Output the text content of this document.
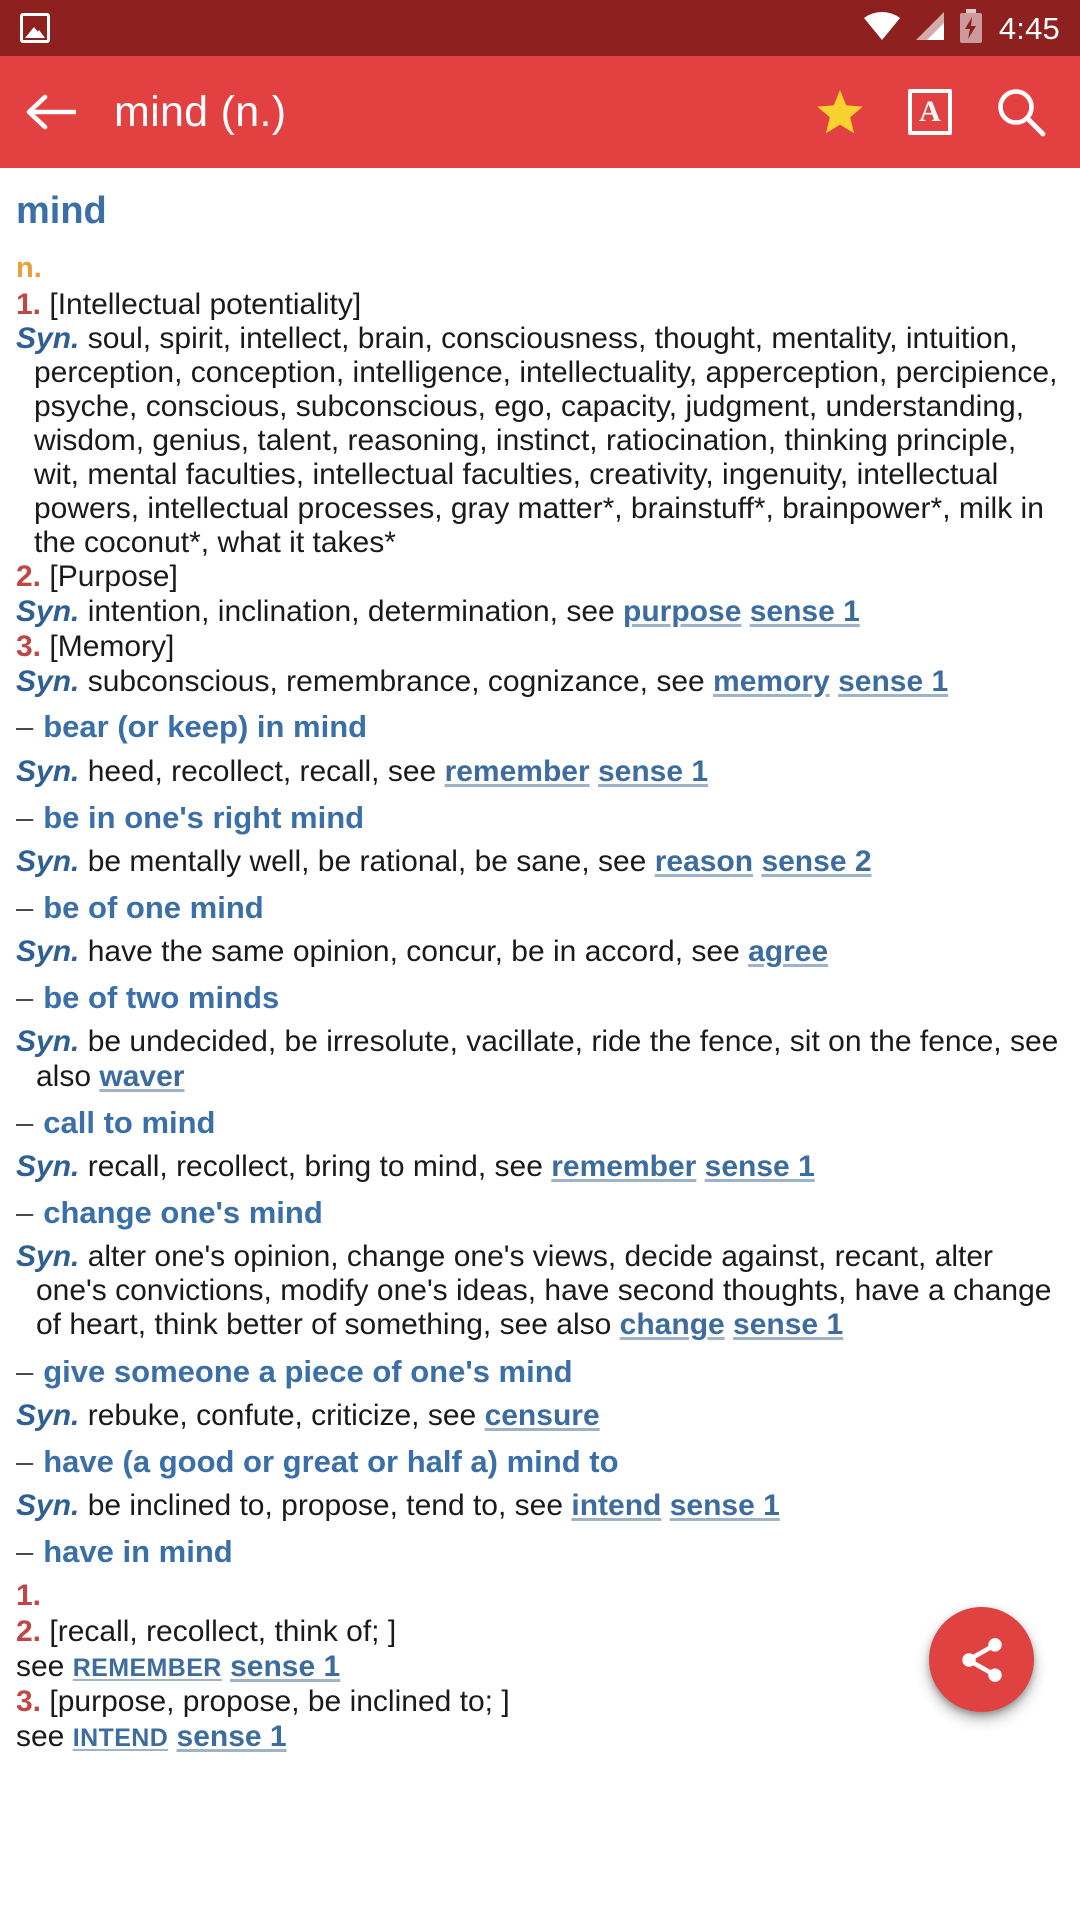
4:45
mind (n.)	A
mind
n.
1. [Intellectual potentiality]
Syn. soul, spirit, intellect, brain, consciousness, thought, mentality, intuition, perception, conception, intelligence, intellectuality, apperception, percipience, psyche, conscious, subconscious, ego, capacity, judgment, understanding, wisdom, genius, talent, reasoning, instinct, ratiocination, thinking principle, wit, mental faculties, intellectual faculties, creativity, ingenuity, intellectual powers, intellectual processes, gray matter*, brainstuff*, brainpower*, milk in the coconut*, what it takes*
2. [Purpose]
Syn. intention, inclination, determination, see purpose sense 1
3. [Memory]
Syn. subconscious, remembrance, cognizance, see memory sense 1
– bear (or keep) in mind
Syn. heed, recollect, recall, see remember sense 1
– be in one's right mind
Syn. be mentally well, be rational, be sane, see reason sense 2
– be of one mind
Syn. have the same opinion, concur, be in accord, see agree
– be of two minds
Syn. be undecided, be irresolute, vacillate, ride the fence, sit on the fence, see also waver
– call to mind
Syn. recall, recollect, bring to mind, see remember sense 1
– change one's mind
Syn. alter one's opinion, change one's views, decide against, recant, alter one's convictions, modify one's ideas, have second thoughts, have a change of heart, think better of something, see also change sense 1
– give someone a piece of one's mind
Syn. rebuke, confute, criticize, see censure
– have (a good or great or half a) mind to
Syn. be inclined to, propose, tend to, see intend sense 1
– have in mind
1.
2. [recall, recollect, think of; ]
see REMEMBER sense 1
3. [purpose, propose, be inclined to; ]
see INTEND sense 1
